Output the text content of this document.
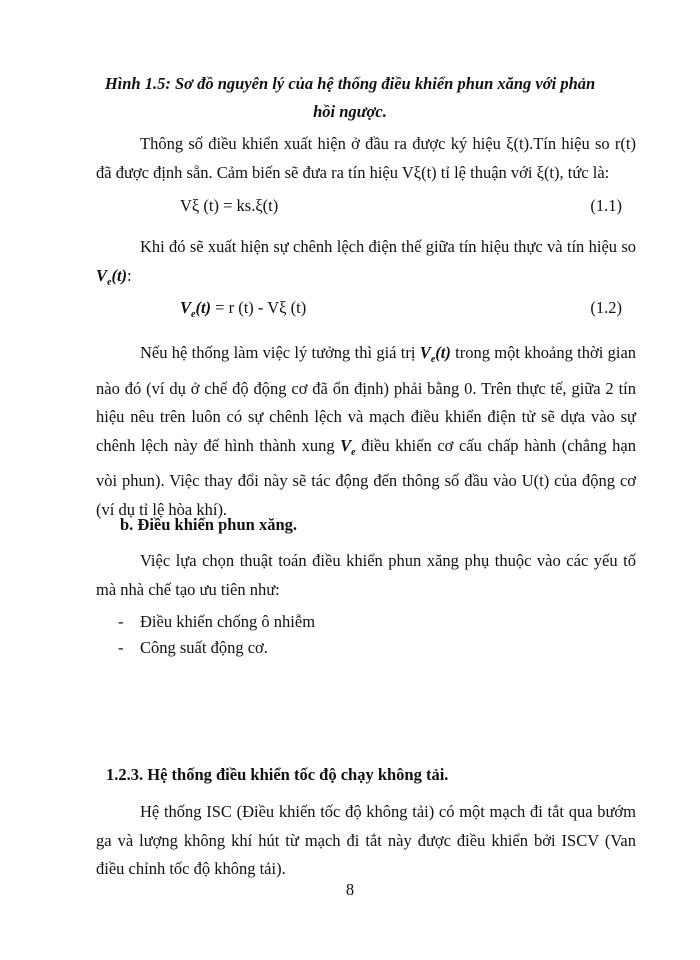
Hình 1.5: Sơ đồ nguyên lý của hệ thống điều khiển phun xăng với phản hồi ngược.
Thông số điều khiển xuất hiện ở đầu ra được ký hiệu ξ(t).Tín hiệu so r(t) đã được định sẵn. Cảm biến sẽ đưa ra tín hiệu Vξ(t) tỉ lệ thuận với ξ(t), tức là:
Vξ (t) = ks.ξ(t)	(1.1)
Khi đó sẽ xuất hiện sự chênh lệch điện thế giữa tín hiệu thực và tín hiệu so $V_e(t)$:
$V_e(t) = r$ (t) - Vξ (t)	(1.2)
Nếu hệ thống làm việc lý tưởng thì giá trị $V_e(t)$ trong một khoảng thời gian nào đó (ví dụ ở chế độ động cơ đã ổn định) phải bằng 0. Trên thực tế, giữa 2 tín hiệu nêu trên luôn có sự chênh lệch và mạch điều khiển điện tử sẽ dựa vào sự chênh lệch này để hình thành xung $V_e$ điều khiển cơ cấu chấp hành (chẳng hạn vòi phun). Việc thay đổi này sẽ tác động đến thông số đầu vào U(t) của động cơ (ví dụ tỉ lệ hòa khí).
b. Điều khiển phun xăng.
Việc lựa chọn thuật toán điều khiển phun xăng phụ thuộc vào các yếu tố mà nhà chế tạo ưu tiên như:
- Điều khiển chống ô nhiễm
- Công suất động cơ.
1.2.3. Hệ thống điều khiển tốc độ chạy không tải.
Hệ thống ISC (Điều khiển tốc độ không tải) có một mạch đi tắt qua bướm ga và lượng không khí hút từ mạch đi tắt này được điều khiển bởi ISCV (Van điều chỉnh tốc độ không tải).
8
